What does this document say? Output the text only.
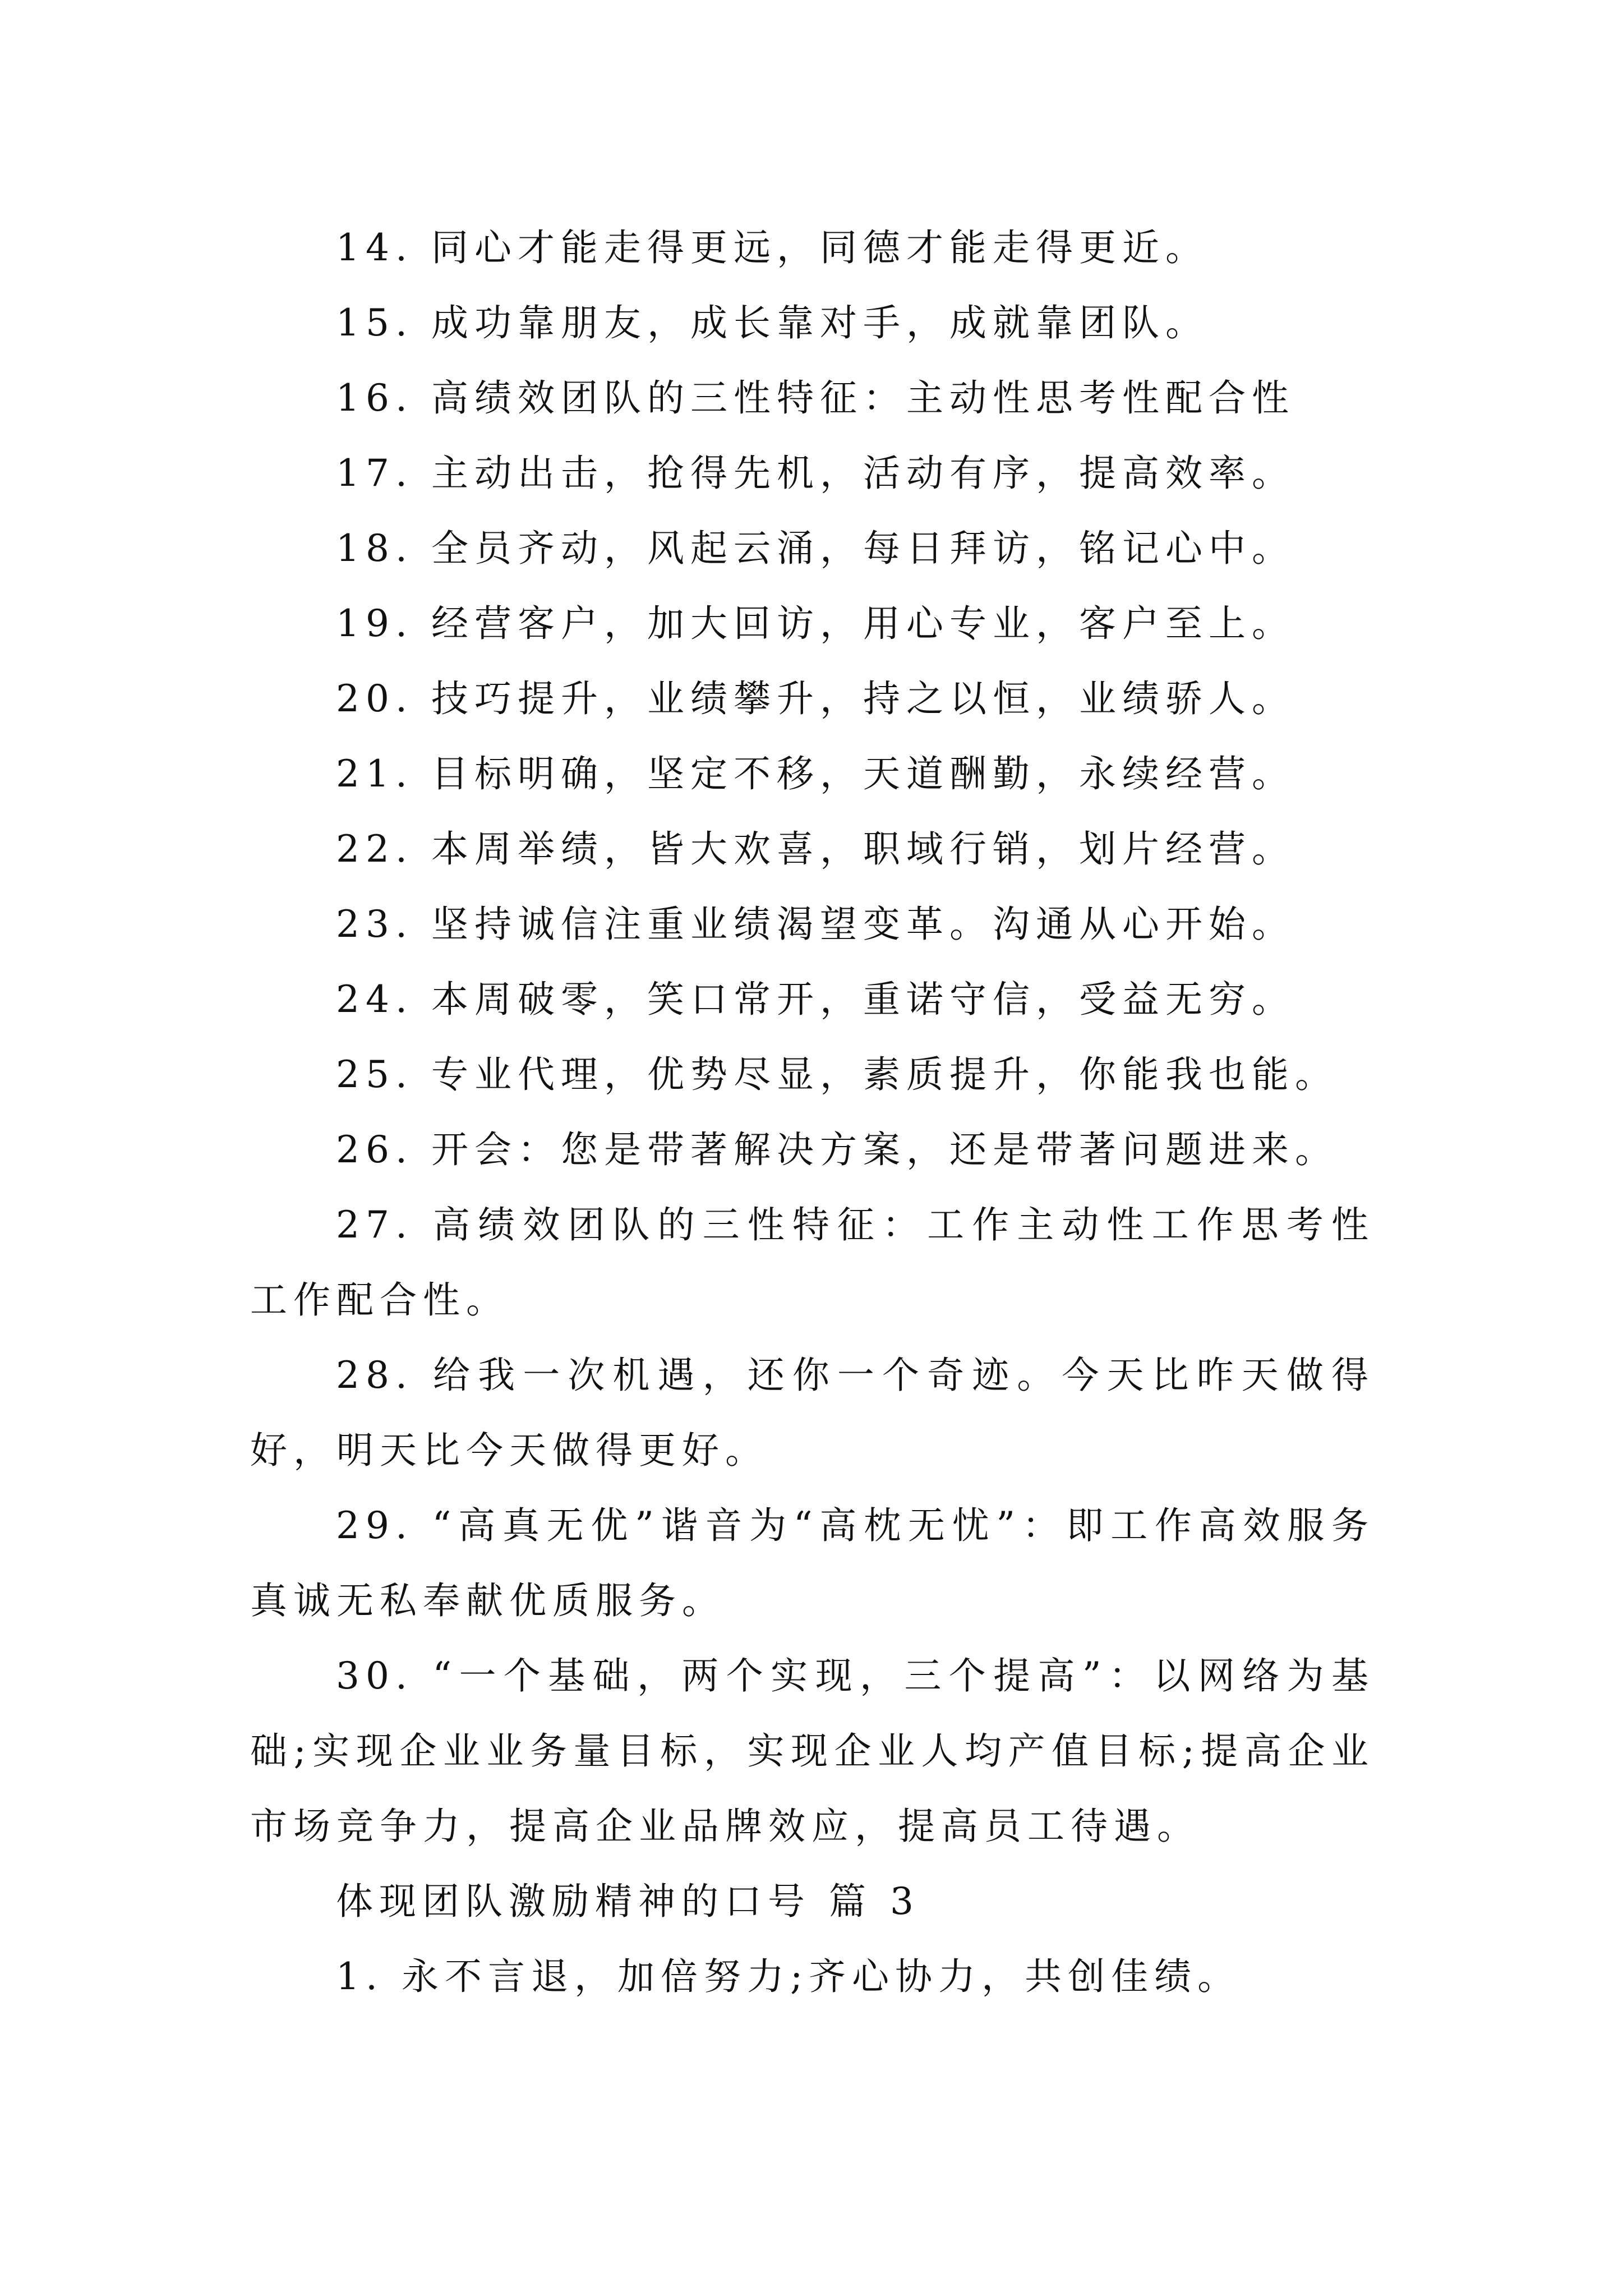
14. 同心才能走得更远，同德才能走得更近。

15. 成功靠朋友，成长靠对手，成就靠团队。

16. 高绩效团队的三性特征：主动性思考性配合性

17. 主动出击，抢得先机，活动有序，提高效率。

18. 全员齐动，风起云涌，每日拜访，铭记心中。

19. 经营客户，加大回访，用心专业，客户至上。

20. 技巧提升，业绩攀升，持之以恒，业绩骄人。

21. 目标明确，坚定不移，天道酬勤，永续经营。

22. 本周举绩，皆大欢喜，职域行销，划片经营。

23. 坚持诚信注重业绩渴望变革。沟通从心开始。

24. 本周破零，笑口常开，重诺守信，受益无穷。

25. 专业代理，优势尽显，素质提升，你能我也能。

26. 开会：您是带著解决方案，还是带著问题进来。

27. 高绩效团队的三性特征：工作主动性工作思考性工作配合性。

28. 给我一次机遇，还你一个奇迹。今天比昨天做得好，明天比今天做得更好。

29. “高真无优”谐音为“高枕无忧”：即工作高效服务真诚无私奉献优质服务。

30. “一个基础，两个实现，三个提高”：以网络为基础;实现企业业务量目标，实现企业人均产值目标;提高企业市场竞争力，提高企业品牌效应，提高员工待遇。

体现团队激励精神的口号 篇 3

1. 永不言退，加倍努力;齐心协力，共创佳绩。
